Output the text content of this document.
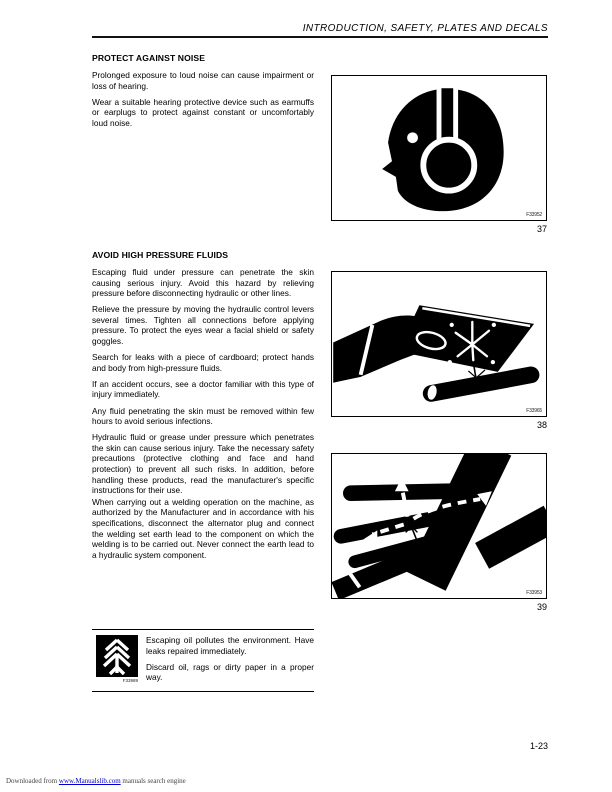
INTRODUCTION, SAFETY, PLATES AND DECALS
PROTECT AGAINST NOISE

Prolonged exposure to loud noise can cause impairment or loss of hearing.

Wear a suitable hearing protective device such as earmuffs or earplugs to protect against constant or uncomfortably loud noise.

AVOID HIGH PRESSURE FLUIDS

Escaping fluid under pressure can penetrate the skin causing serious injury. Avoid this hazard by relieving pressure before disconnecting hydraulic or other lines.

Relieve the pressure by moving the hydraulic control levers several times. Tighten all connections before applying pressure. To protect the eyes wear a facial shield or safety goggles.

Search for leaks with a piece of cardboard; protect hands and body from high-pressure fluids.

If an accident occurs, see a doctor familiar with this type of injury immediately.

Any fluid penetrating the skin must be removed within few hours to avoid serious infections.

Hydraulic fluid or grease under pressure which penetrates the skin can cause serious injury. Take the necessary safety precautions (protective clothing and face and hand protection) to prevent all such risks. In addition, before handling these products, read the manufacturer's specific instructions for their use.

When carrying out a welding operation on the machine, as authorized by the Manufacturer and in accordance with his specifications, disconnect the alternator plug and connect the welding set earth lead to the component on which the welding is to be carried out. Never connect the earth lead to a hydraulic system component.

F33952
37
F33965
38
F33953
39
F33989

Escaping oil pollutes the environment. Have leaks repaired immediately.

Discard oil, rags or dirty paper in a proper way.

1-23
Downloaded from www.Manualslib.com manuals search engine
